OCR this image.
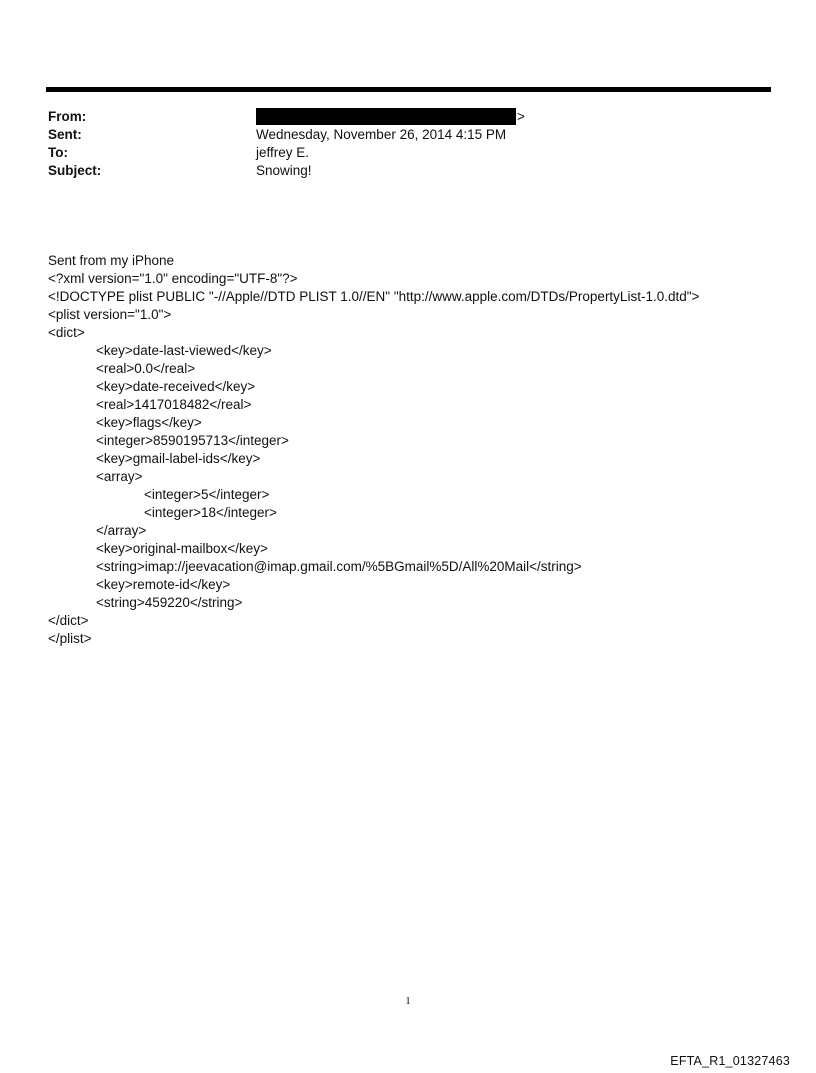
From:	>
Sent:	Wednesday, November 26, 2014 4:15 PM
To:	jeffrey E.
Subject:	Snowing!
Sent from my iPhone
<?xml version="1.0" encoding="UTF-8"?>
<!DOCTYPE plist PUBLIC "-//Apple//DTD PLIST 1.0//EN" "http://www.apple.com/DTDs/PropertyList-1.0.dtd">
<plist version="1.0">
<dict>
<key>date-last-viewed</key>
<real>0.0</real>
<key>date-received</key>
<real>1417018482</real>
<key>flags</key>
<integer>8590195713</integer>
<key>gmail-label-ids</key>
<array>
<integer>5</integer>
<integer>18</integer>
</array>
<key>original-mailbox</key>
<string>imap://jeevacation@imap.gmail.com/%5BGmail%5D/All%20Mail</string>
<key>remote-id</key>
<string>459220</string>
</dict>
</plist>
1
EFTA_R1_01327463
